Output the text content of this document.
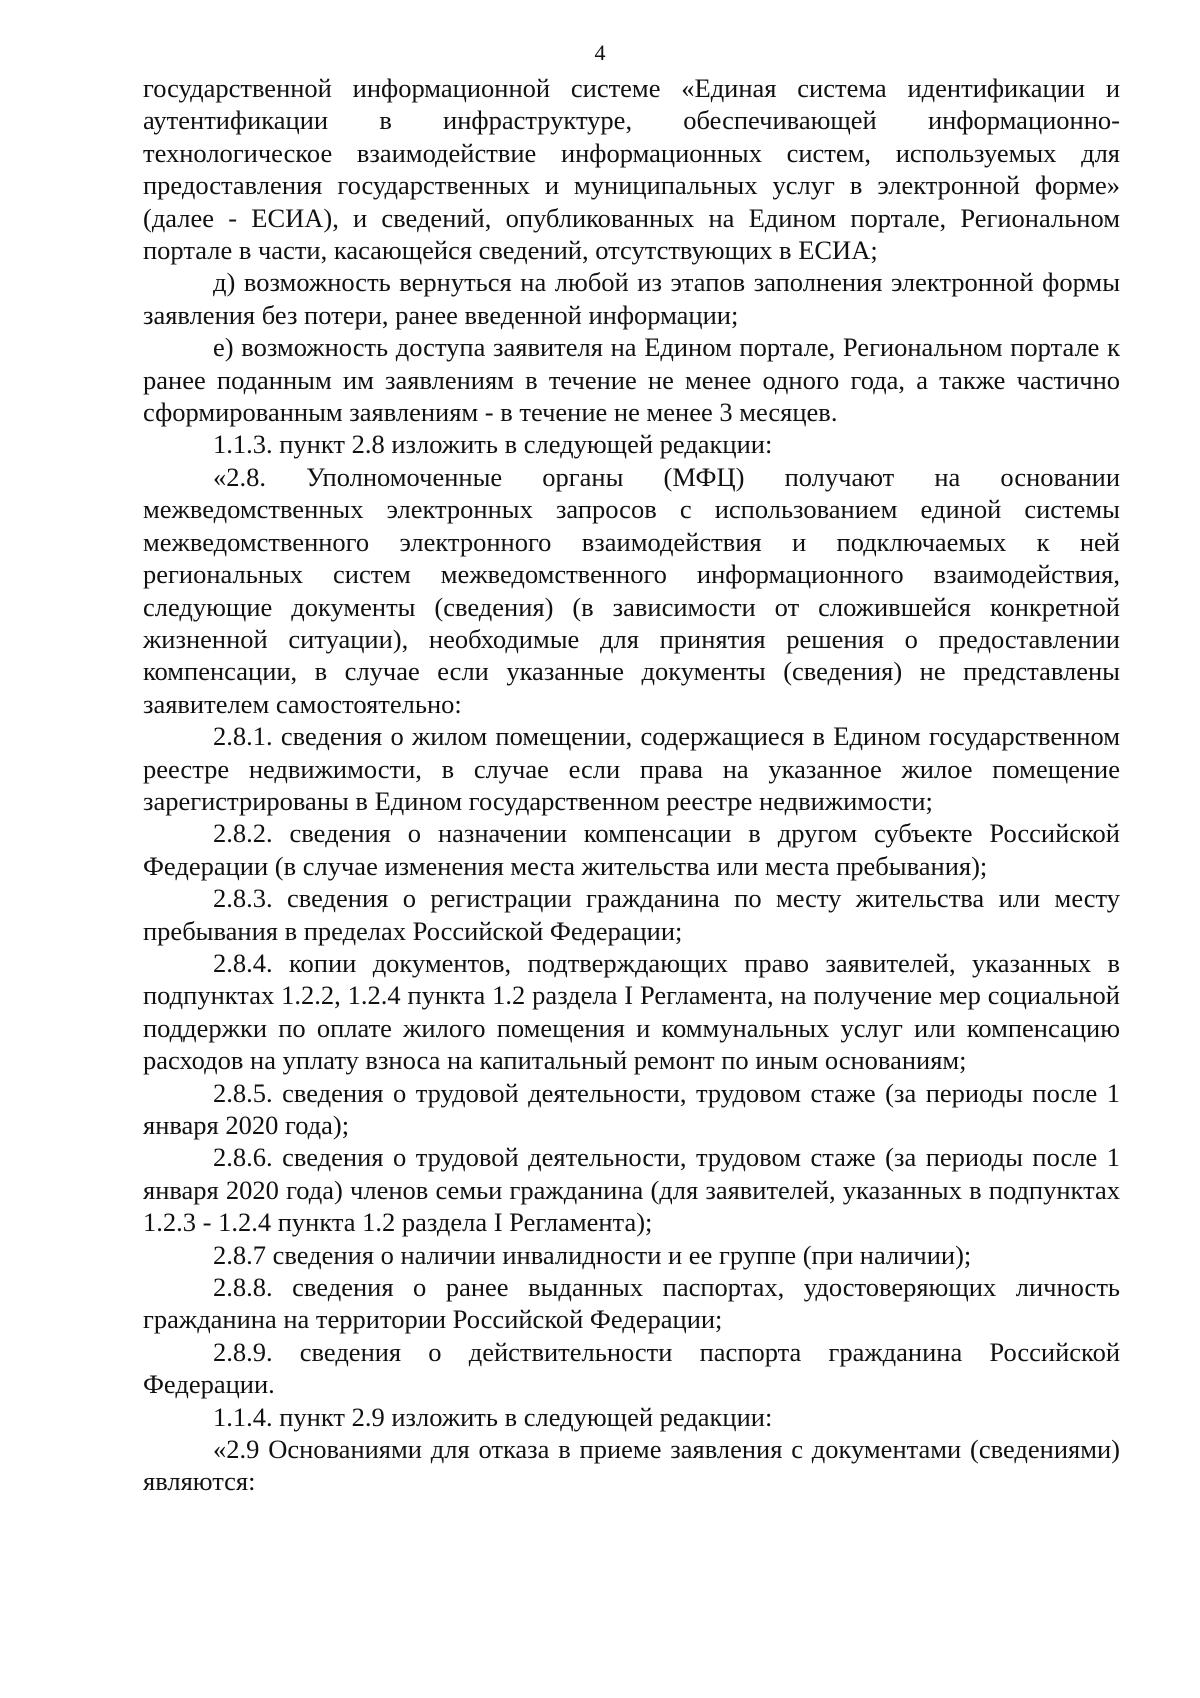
4

государственной информационной системе «Единая система идентификации и аутентификации в инфраструктуре, обеспечивающей информационно-технологическое взаимодействие информационных систем, используемых для предоставления государственных и муниципальных услуг в электронной форме» (далее - ЕСИА), и сведений, опубликованных на Едином портале, Региональном портале в части, касающейся сведений, отсутствующих в ЕСИА;

д) возможность вернуться на любой из этапов заполнения электронной формы заявления без потери, ранее введенной информации;

е) возможность доступа заявителя на Едином портале, Региональном портале к ранее поданным им заявлениям в течение не менее одного года, а также частично сформированным заявлениям - в течение не менее 3 месяцев.

1.1.3. пункт 2.8 изложить в следующей редакции:

«2.8. Уполномоченные органы (МФЦ) получают на основании межведомственных электронных запросов с использованием единой системы межведомственного электронного взаимодействия и подключаемых к ней региональных систем межведомственного информационного взаимодействия, следующие документы (сведения) (в зависимости от сложившейся конкретной жизненной ситуации), необходимые для принятия решения о предоставлении компенсации, в случае если указанные документы (сведения) не представлены заявителем самостоятельно:

2.8.1. сведения о жилом помещении, содержащиеся в Едином государственном реестре недвижимости, в случае если права на указанное жилое помещение зарегистрированы в Едином государственном реестре недвижимости;

2.8.2. сведения о назначении компенсации в другом субъекте Российской Федерации (в случае изменения места жительства или места пребывания);

2.8.3. сведения о регистрации гражданина по месту жительства или месту пребывания в пределах Российской Федерации;

2.8.4. копии документов, подтверждающих право заявителей, указанных в подпунктах 1.2.2, 1.2.4 пункта 1.2 раздела I Регламента, на получение мер социальной поддержки по оплате жилого помещения и коммунальных услуг или компенсацию расходов на уплату взноса на капитальный ремонт по иным основаниям;

2.8.5. сведения о трудовой деятельности, трудовом стаже (за периоды после 1 января 2020 года);

2.8.6. сведения о трудовой деятельности, трудовом стаже (за периоды после 1 января 2020 года) членов семьи гражданина (для заявителей, указанных в подпунктах 1.2.3 - 1.2.4 пункта 1.2 раздела I Регламента);

2.8.7 сведения о наличии инвалидности и ее группе (при наличии);

2.8.8. сведения о ранее выданных паспортах, удостоверяющих личность гражданина на территории Российской Федерации;

2.8.9. сведения о действительности паспорта гражданина Российской Федерации.

1.1.4. пункт 2.9 изложить в следующей редакции:

«2.9 Основаниями для отказа в приеме заявления с документами (сведениями) являются:
